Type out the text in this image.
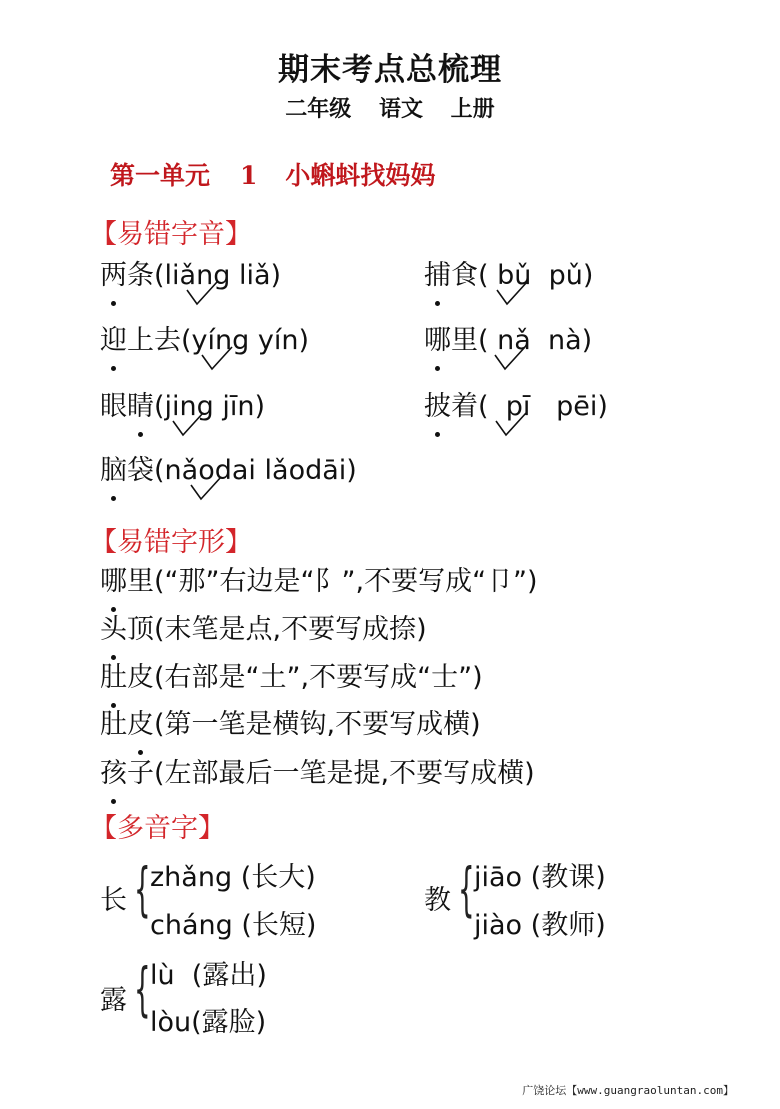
期末考点总梳理
二年级 语文 上册
第一单元 1 小蝌蚪找妈妈
【易错字音】
两条(liǎng liǎ)	捕食( bǔ pǔ)
迎上去(yíng yín)	哪里( nǎ nà)
眼睛(jing jīn)	披着( pī pēi)
脑袋(nǎodai lǎodāi)
【易错字形】
哪里(“那”右边是“阝”,不要写成“卩”)
头顶(末笔是点,不要写成捺)
肚皮(右部是“土”,不要写成“士”)
肚皮(第一笔是横钩,不要写成横)
孩子(左部最后一笔是提,不要写成横)
【多音字】
长 { zhǎng (长大)
cháng (长短)
教 { jiāo (教课)
jiào (教师)
露 { lù (露出)
lòu(露脸)
广饶论坛【www.guangraoluntan.com】
